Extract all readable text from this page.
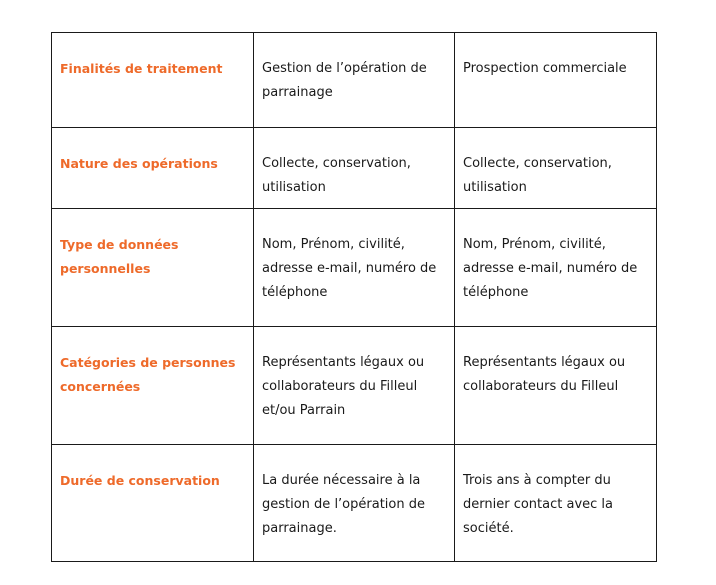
Finalités de traitement	Gestion de l’opération de parrainage	Prospection commerciale
Nature des opérations	Collecte, conservation, utilisation	Collecte, conservation, utilisation
Type de données personnelles	Nom, Prénom, civilité, adresse e-mail, numéro de téléphone	Nom, Prénom, civilité, adresse e-mail, numéro de téléphone
Catégories de personnes concernées	Représentants légaux ou collaborateurs du Filleul et/ou Parrain	Représentants légaux ou collaborateurs du Filleul
Durée de conservation	La durée nécessaire à la gestion de l’opération de parrainage.	Trois ans à compter du dernier contact avec la société.
